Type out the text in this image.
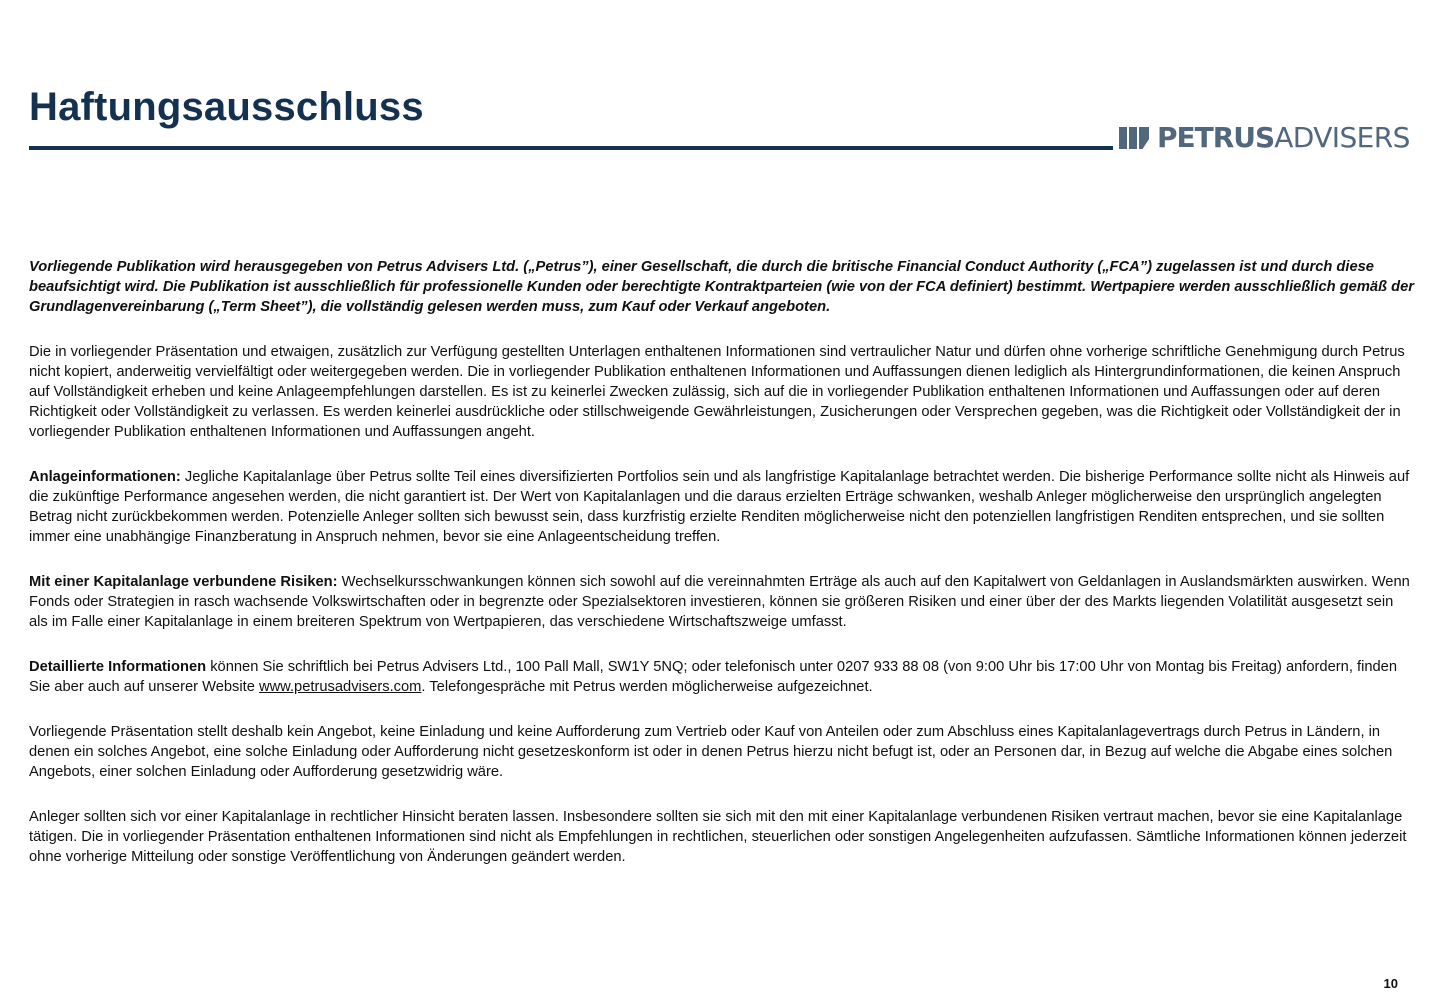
Haftungsausschluss
PETRUSADVISERS

Vorliegende Publikation wird herausgegeben von Petrus Advisers Ltd. („Petrus”), einer Gesellschaft, die durch die britische Financial Conduct Authority („FCA”) zugelassen ist und durch diese beaufsichtigt wird. Die Publikation ist ausschließlich für professionelle Kunden oder berechtigte Kontraktparteien (wie von der FCA definiert) bestimmt. Wertpapiere werden ausschließlich gemäß der Grundlagenvereinbarung („Term Sheet”), die vollständig gelesen werden muss, zum Kauf oder Verkauf angeboten.

Die in vorliegender Präsentation und etwaigen, zusätzlich zur Verfügung gestellten Unterlagen enthaltenen Informationen sind vertraulicher Natur und dürfen ohne vorherige schriftliche Genehmigung durch Petrus nicht kopiert, anderweitig vervielfältigt oder weitergegeben werden. Die in vorliegender Publikation enthaltenen Informationen und Auffassungen dienen lediglich als Hintergrundinformationen, die keinen Anspruch auf Vollständigkeit erheben und keine Anlageempfehlungen darstellen. Es ist zu keinerlei Zwecken zulässig, sich auf die in vorliegender Publikation enthaltenen Informationen und Auffassungen oder auf deren Richtigkeit oder Vollständigkeit zu verlassen. Es werden keinerlei ausdrückliche oder stillschweigende Gewährleistungen, Zusicherungen oder Versprechen gegeben, was die Richtigkeit oder Vollständigkeit der in vorliegender Publikation enthaltenen Informationen und Auffassungen angeht.

Anlageinformationen: Jegliche Kapitalanlage über Petrus sollte Teil eines diversifizierten Portfolios sein und als langfristige Kapitalanlage betrachtet werden. Die bisherige Performance sollte nicht als Hinweis auf die zukünftige Performance angesehen werden, die nicht garantiert ist. Der Wert von Kapitalanlagen und die daraus erzielten Erträge schwanken, weshalb Anleger möglicherweise den ursprünglich angelegten Betrag nicht zurückbekommen werden. Potenzielle Anleger sollten sich bewusst sein, dass kurzfristig erzielte Renditen möglicherweise nicht den potenziellen langfristigen Renditen entsprechen, und sie sollten immer eine unabhängige Finanzberatung in Anspruch nehmen, bevor sie eine Anlageentscheidung treffen.

Mit einer Kapitalanlage verbundene Risiken: Wechselkursschwankungen können sich sowohl auf die vereinnahmten Erträge als auch auf den Kapitalwert von Geldanlagen in Auslandsmärkten auswirken. Wenn Fonds oder Strategien in rasch wachsende Volkswirtschaften oder in begrenzte oder Spezialsektoren investieren, können sie größeren Risiken und einer über der des Markts liegenden Volatilität ausgesetzt sein als im Falle einer Kapitalanlage in einem breiteren Spektrum von Wertpapieren, das verschiedene Wirtschaftszweige umfasst.

Detaillierte Informationen können Sie schriftlich bei Petrus Advisers Ltd., 100 Pall Mall, SW1Y 5NQ; oder telefonisch unter 0207 933 88 08 (von 9:00 Uhr bis 17:00 Uhr von Montag bis Freitag) anfordern, finden Sie aber auch auf unserer Website www.petrusadvisers.com. Telefongespräche mit Petrus werden möglicherweise aufgezeichnet.

Vorliegende Präsentation stellt deshalb kein Angebot, keine Einladung und keine Aufforderung zum Vertrieb oder Kauf von Anteilen oder zum Abschluss eines Kapitalanlagevertrags durch Petrus in Ländern, in denen ein solches Angebot, eine solche Einladung oder Aufforderung nicht gesetzeskonform ist oder in denen Petrus hierzu nicht befugt ist, oder an Personen dar, in Bezug auf welche die Abgabe eines solchen Angebots, einer solchen Einladung oder Aufforderung gesetzwidrig wäre.

Anleger sollten sich vor einer Kapitalanlage in rechtlicher Hinsicht beraten lassen. Insbesondere sollten sie sich mit den mit einer Kapitalanlage verbundenen Risiken vertraut machen, bevor sie eine Kapitalanlage tätigen. Die in vorliegender Präsentation enthaltenen Informationen sind nicht als Empfehlungen in rechtlichen, steuerlichen oder sonstigen Angelegenheiten aufzufassen. Sämtliche Informationen können jederzeit ohne vorherige Mitteilung oder sonstige Veröffentlichung von Änderungen geändert werden.

10
